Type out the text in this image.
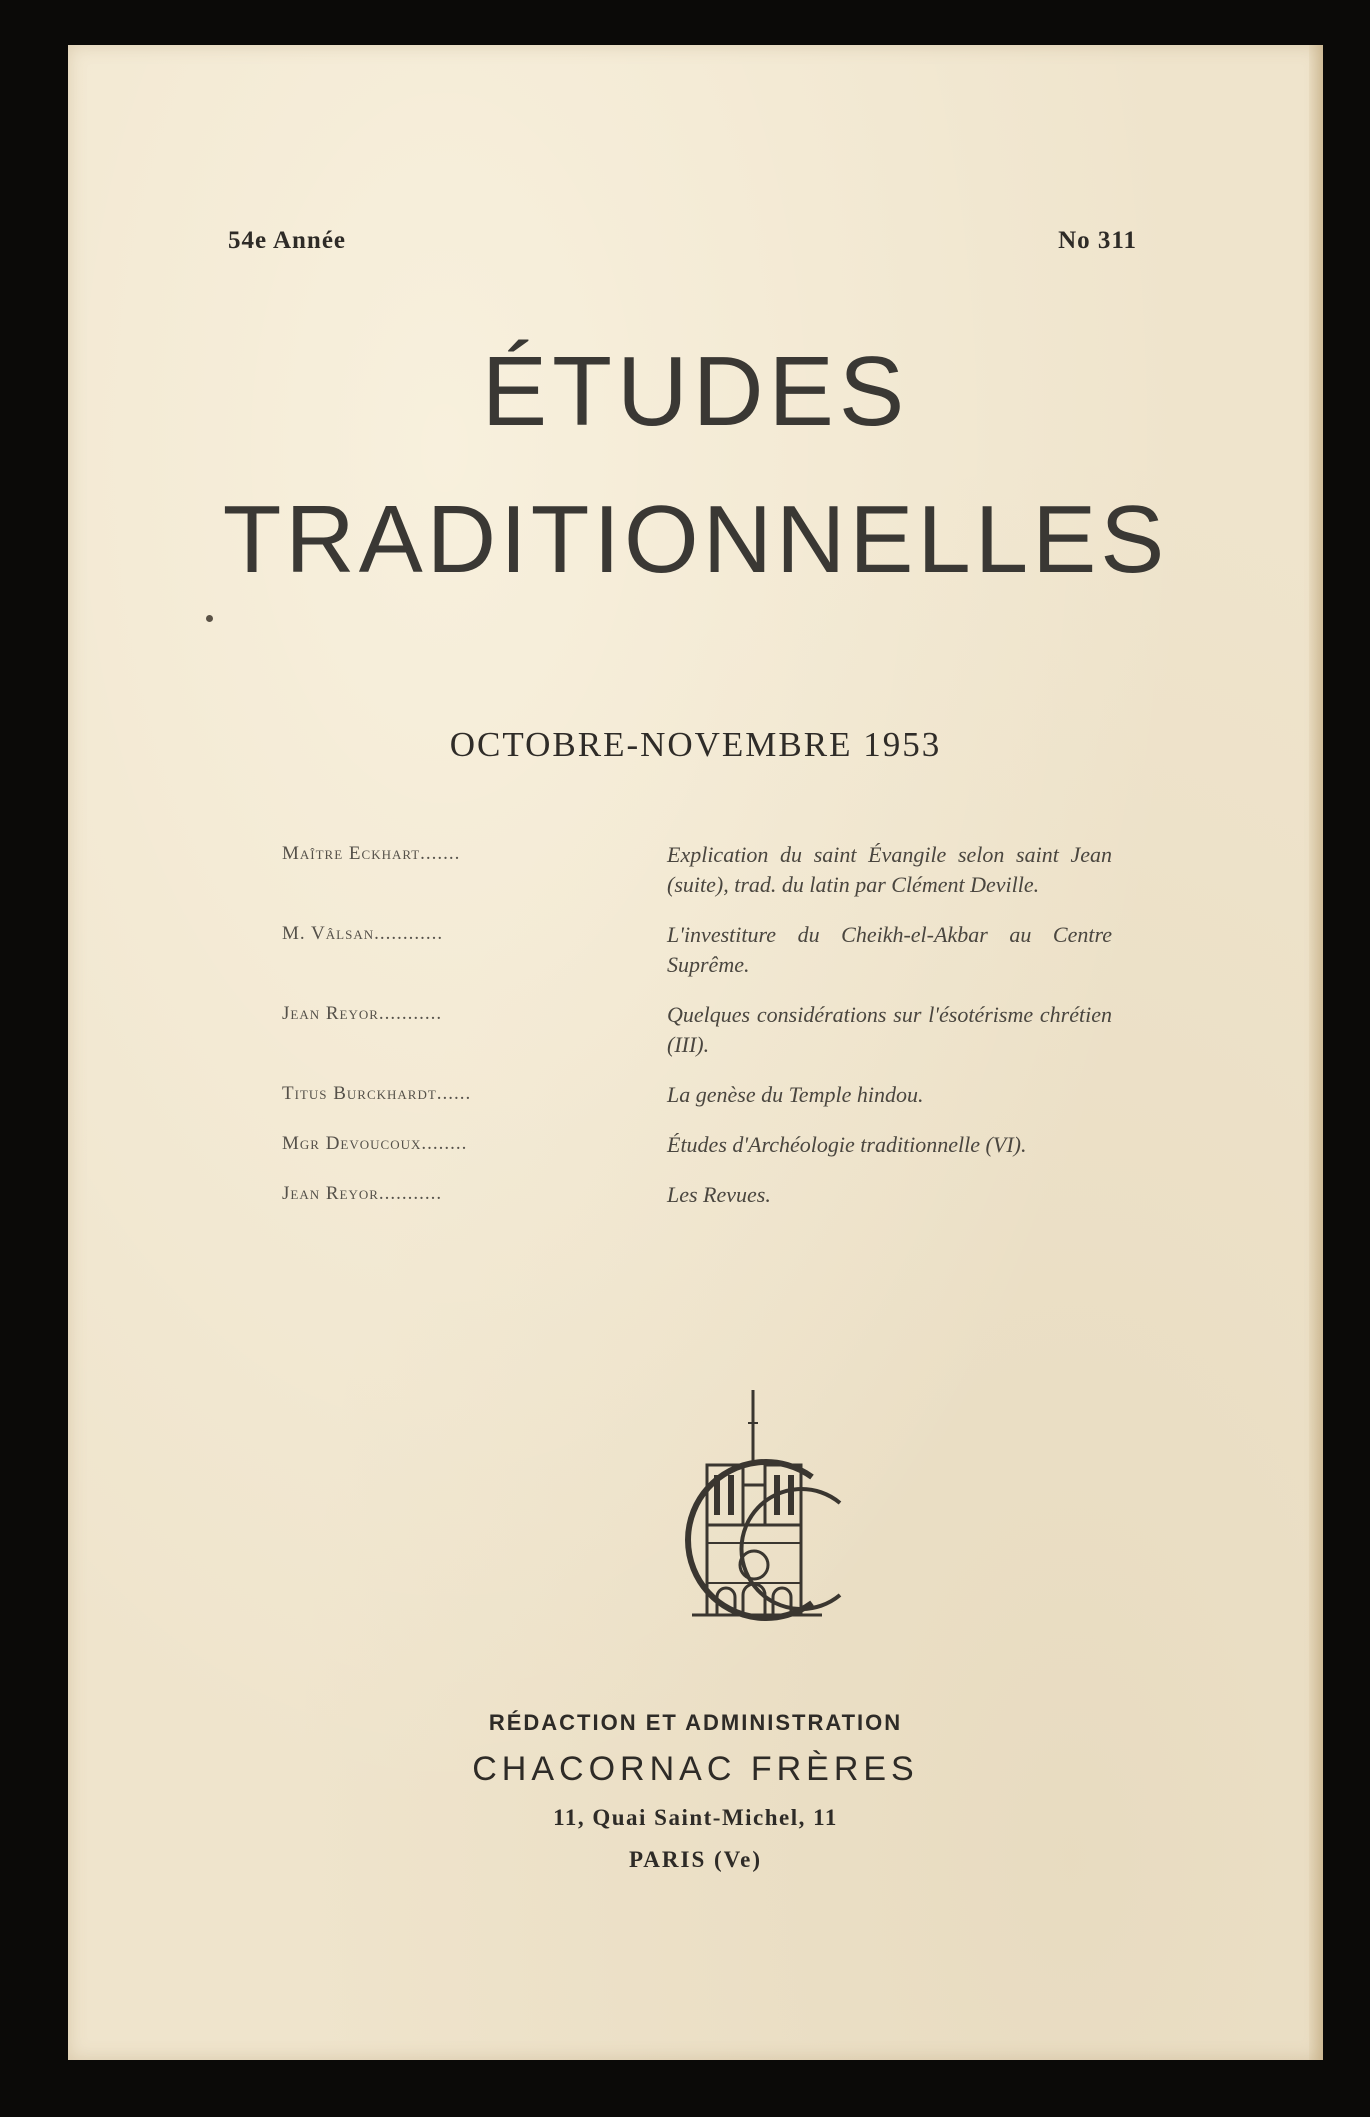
54e Année	No 311
ÉTUDES
TRADITIONNELLES
OCTOBRE-NOVEMBRE 1953
Maître Eckhart.......	Explication du saint Évangile selon saint Jean (suite), trad. du latin par Clément Deville.
M. Vâlsan............	L'investiture du Cheikh-el-Akbar au Centre Suprême.
Jean Reyor...........	Quelques considérations sur l'ésotérisme chrétien (III).
Titus Burckhardt......	La genèse du Temple hindou.
Mgr Devoucoux........	Études d'Archéologie traditionnelle (VI).
Jean Reyor...........	Les Revues.
RÉDACTION ET ADMINISTRATION
CHACORNAC FRÈRES
11, Quai Saint-Michel, 11
PARIS (Ve)
